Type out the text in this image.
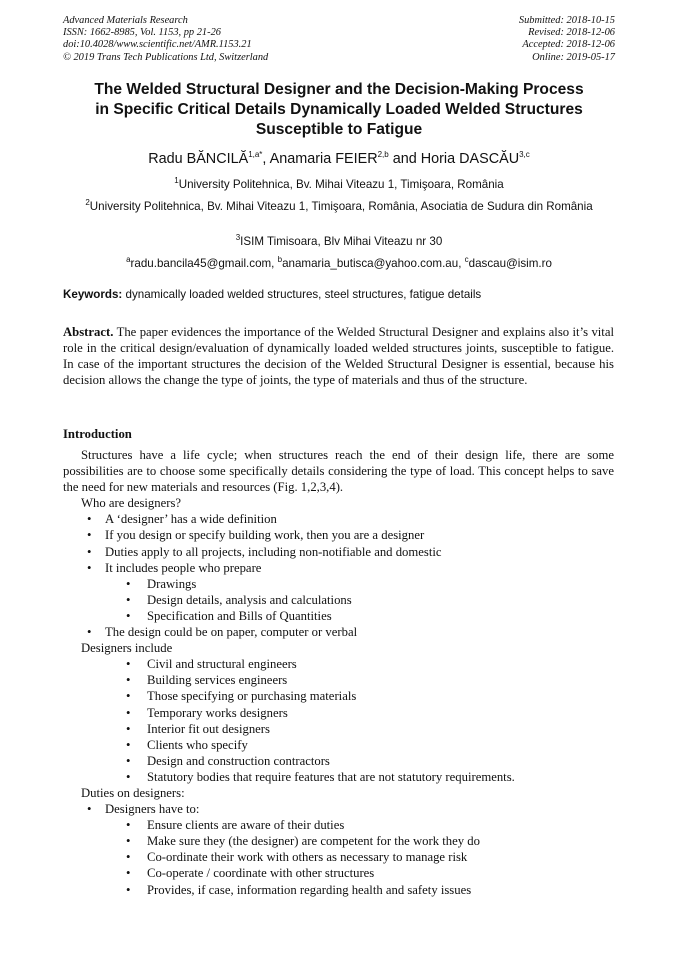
Advanced Materials Research
ISSN: 1662-8985, Vol. 1153, pp 21-26
doi:10.4028/www.scientific.net/AMR.1153.21
© 2019 Trans Tech Publications Ltd, Switzerland
Submitted: 2018-10-15
Revised: 2018-12-06
Accepted: 2018-12-06
Online: 2019-05-17
The Welded Structural Designer and the Decision-Making Process
in Specific Critical Details Dynamically Loaded Welded Structures
Susceptible to Fatigue
Radu $BĂNCILĂ^{1,a*}$, Anamaria FEIER$^{2,b}$ and Horia DASCĂU$^{3,c}$
$^1$University Politehnica, Bv. Mihai Viteazu 1, Timişoara, România
$^2$University Politehnica, Bv. Mihai Viteazu 1, Timişoara, România, Asociatia de Sudura din România
$^3$ISIM Timisoara, Blv Mihai Viteazu nr 30
$^a$radu.bancila45@gmail.com, $^b$anamaria_butisca@yahoo.com.au, $^c$dascau@isim.ro
Keywords: dynamically loaded welded structures, steel structures, fatigue details
Abstract. The paper evidences the importance of the Welded Structural Designer and explains also it’s vital role in the critical design/evaluation of dynamically loaded welded structures joints, susceptible to fatigue. In case of the important structures the decision of the Welded Structural Designer is essential, because his decision allows the change the type of joints, the type of materials and thus of the structure.
Introduction

Structures have a life cycle; when structures reach the end of their design life, there are some possibilities are to choose some specifically details considering the type of load. This concept helps to save the need for new materials and resources (Fig. 1,2,3,4).

Who are designers?

• A ‘designer’ has a wide definition

• If you design or specify building work, then you are a designer

• Duties apply to all projects, including non-notifiable and domestic

• It includes people who prepare

• Drawings

• Design details, analysis and calculations

• Specification and Bills of Quantities

• The design could be on paper, computer or verbal

Designers include

• Civil and structural engineers

• Building services engineers

• Those specifying or purchasing materials

• Temporary works designers

• Interior fit out designers

• Clients who specify

• Design and construction contractors

• Statutory bodies that require features that are not statutory requirements.

Duties on designers:

• Designers have to:

• Ensure clients are aware of their duties

• Make sure they (the designer) are competent for the work they do

• Co-ordinate their work with others as necessary to manage risk

• Co-operate / coordinate with other structures

• Provides, if case, information regarding health and safety issues
